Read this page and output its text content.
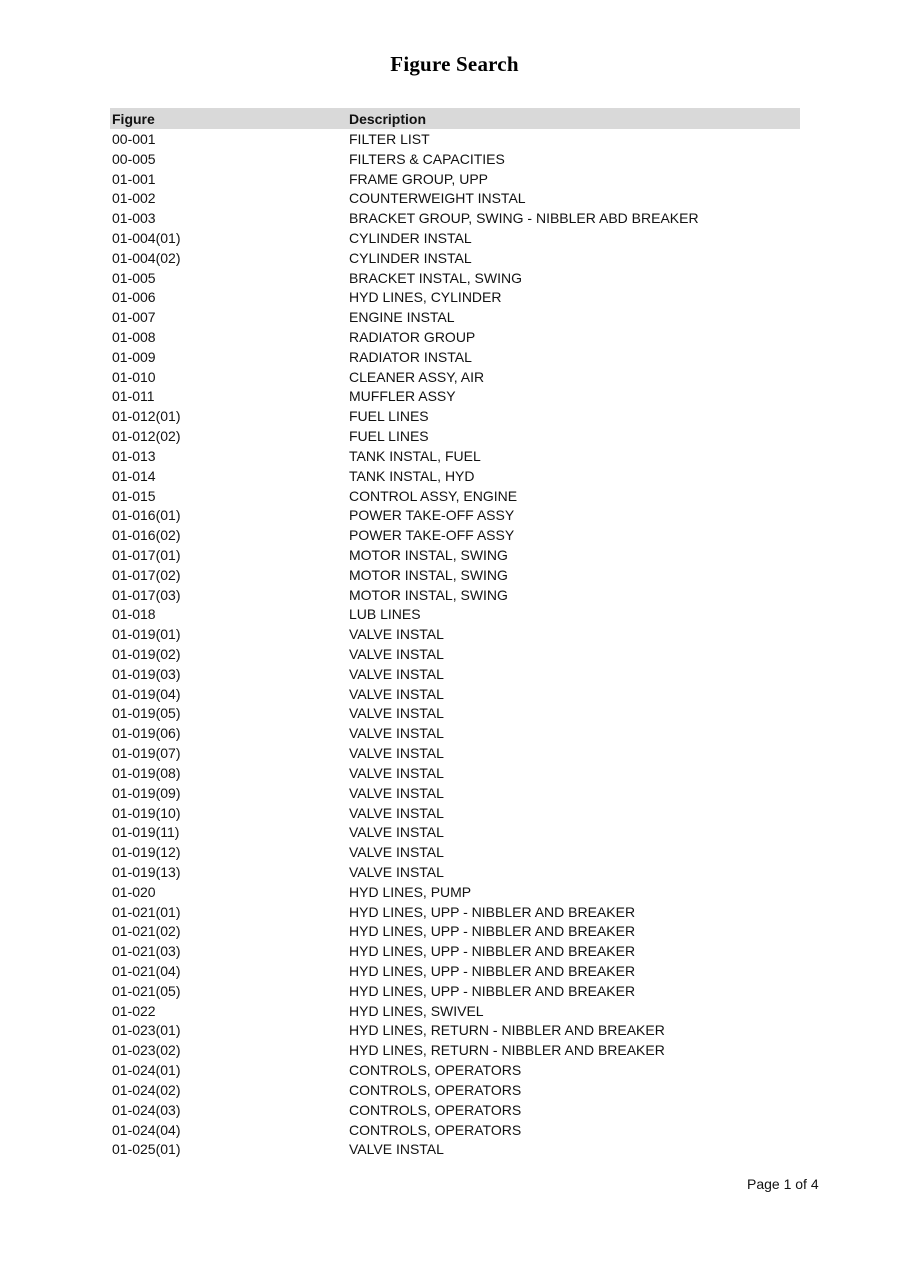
Figure Search
Figure	Description
00-001	FILTER LIST
00-005	FILTERS & CAPACITIES
01-001	FRAME GROUP, UPP
01-002	COUNTERWEIGHT INSTAL
01-003	BRACKET GROUP, SWING - NIBBLER ABD BREAKER
01-004(01)	CYLINDER INSTAL
01-004(02)	CYLINDER INSTAL
01-005	BRACKET INSTAL, SWING
01-006	HYD LINES, CYLINDER
01-007	ENGINE INSTAL
01-008	RADIATOR GROUP
01-009	RADIATOR INSTAL
01-010	CLEANER ASSY, AIR
01-011	MUFFLER ASSY
01-012(01)	FUEL LINES
01-012(02)	FUEL LINES
01-013	TANK INSTAL, FUEL
01-014	TANK INSTAL, HYD
01-015	CONTROL ASSY, ENGINE
01-016(01)	POWER TAKE-OFF ASSY
01-016(02)	POWER TAKE-OFF ASSY
01-017(01)	MOTOR INSTAL, SWING
01-017(02)	MOTOR INSTAL, SWING
01-017(03)	MOTOR INSTAL, SWING
01-018	LUB LINES
01-019(01)	VALVE INSTAL
01-019(02)	VALVE INSTAL
01-019(03)	VALVE INSTAL
01-019(04)	VALVE INSTAL
01-019(05)	VALVE INSTAL
01-019(06)	VALVE INSTAL
01-019(07)	VALVE INSTAL
01-019(08)	VALVE INSTAL
01-019(09)	VALVE INSTAL
01-019(10)	VALVE INSTAL
01-019(11)	VALVE INSTAL
01-019(12)	VALVE INSTAL
01-019(13)	VALVE INSTAL
01-020	HYD LINES, PUMP
01-021(01)	HYD LINES, UPP - NIBBLER AND BREAKER
01-021(02)	HYD LINES, UPP - NIBBLER AND BREAKER
01-021(03)	HYD LINES, UPP - NIBBLER AND BREAKER
01-021(04)	HYD LINES, UPP - NIBBLER AND BREAKER
01-021(05)	HYD LINES, UPP - NIBBLER AND BREAKER
01-022	HYD LINES, SWIVEL
01-023(01)	HYD LINES, RETURN - NIBBLER AND BREAKER
01-023(02)	HYD LINES, RETURN - NIBBLER AND BREAKER
01-024(01)	CONTROLS, OPERATORS
01-024(02)	CONTROLS, OPERATORS
01-024(03)	CONTROLS, OPERATORS
01-024(04)	CONTROLS, OPERATORS
01-025(01)	VALVE INSTAL
Page 1 of 4
